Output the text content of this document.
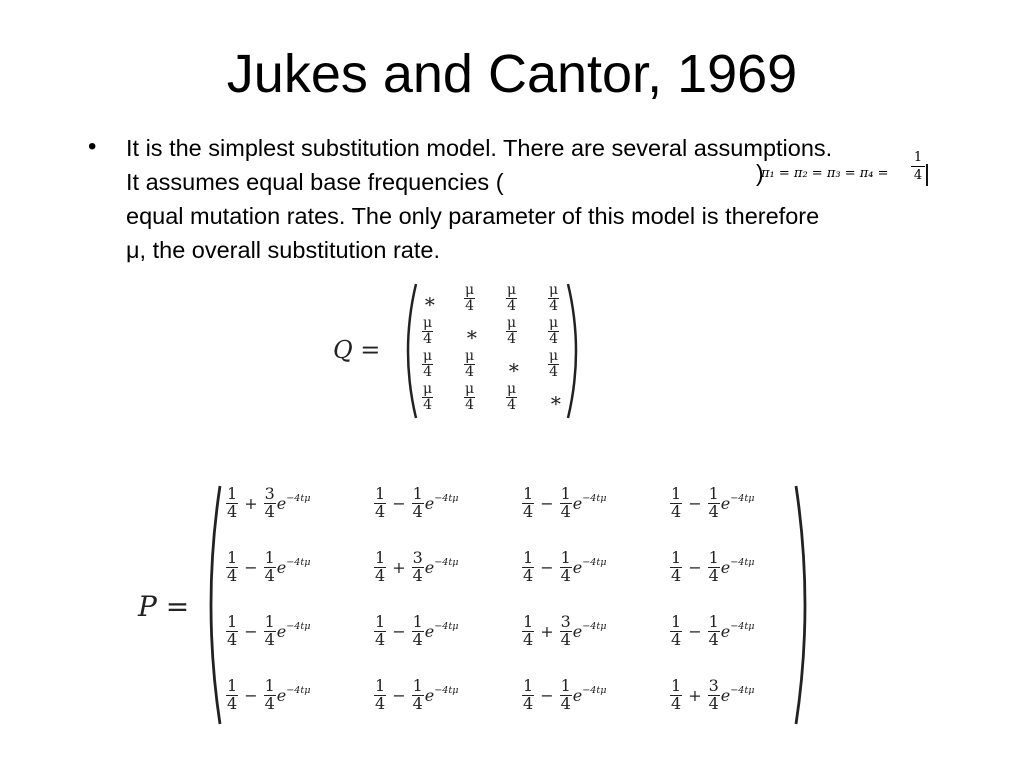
Jukes and Cantor, 1969
• It is the simplest substitution model. There are several assumptions.

It assumes equal base frequencies (

equal mutation rates. The only parameter of this model is therefore

μ, the overall substitution rate.

)
π₁ = π₂ = π₃ = π₄ =
1
4 |
Q =
∗ $\frac{\mu}{4} \frac{\mu}{4} \frac{\mu}{4}$
$\frac{\mu}{4}$ ∗ $\frac{\mu}{4} \frac{\mu}{4}$
$\frac{\mu}{4} \frac{\mu}{4}$ ∗ $\frac{\mu}{4}$
$\frac{\mu}{4} \frac{\mu}{4} \frac{\mu}{4}$ ∗
P =
$\frac{1}{4} + \frac{3}{4} e^{-4t\mu}$	$\frac{1}{4} - \frac{1}{4} e^{-4t\mu}$	$\frac{1}{4} - \frac{1}{4} e^{-4t\mu}$	$\frac{1}{4} - \frac{1}{4} e^{-4t\mu}$
$\frac{1}{4} - \frac{1}{4} e^{-4t\mu}$	$\frac{1}{4} + \frac{3}{4} e^{-4t\mu}$	$\frac{1}{4} - \frac{1}{4} e^{-4t\mu}$	$\frac{1}{4} - \frac{1}{4} e^{-4t\mu}$
$\frac{1}{4} - \frac{1}{4} e^{-4t\mu}$	$\frac{1}{4} - \frac{1}{4} e^{-4t\mu}$	$\frac{1}{4} + \frac{3}{4} e^{-4t\mu}$	$\frac{1}{4} - \frac{1}{4} e^{-4t\mu}$
$\frac{1}{4} - \frac{1}{4} e^{-4t\mu}$	$\frac{1}{4} - \frac{1}{4} e^{-4t\mu}$	$\frac{1}{4} - \frac{1}{4} e^{-4t\mu}$	$\frac{1}{4} + \frac{3}{4} e^{-4t\mu}$
